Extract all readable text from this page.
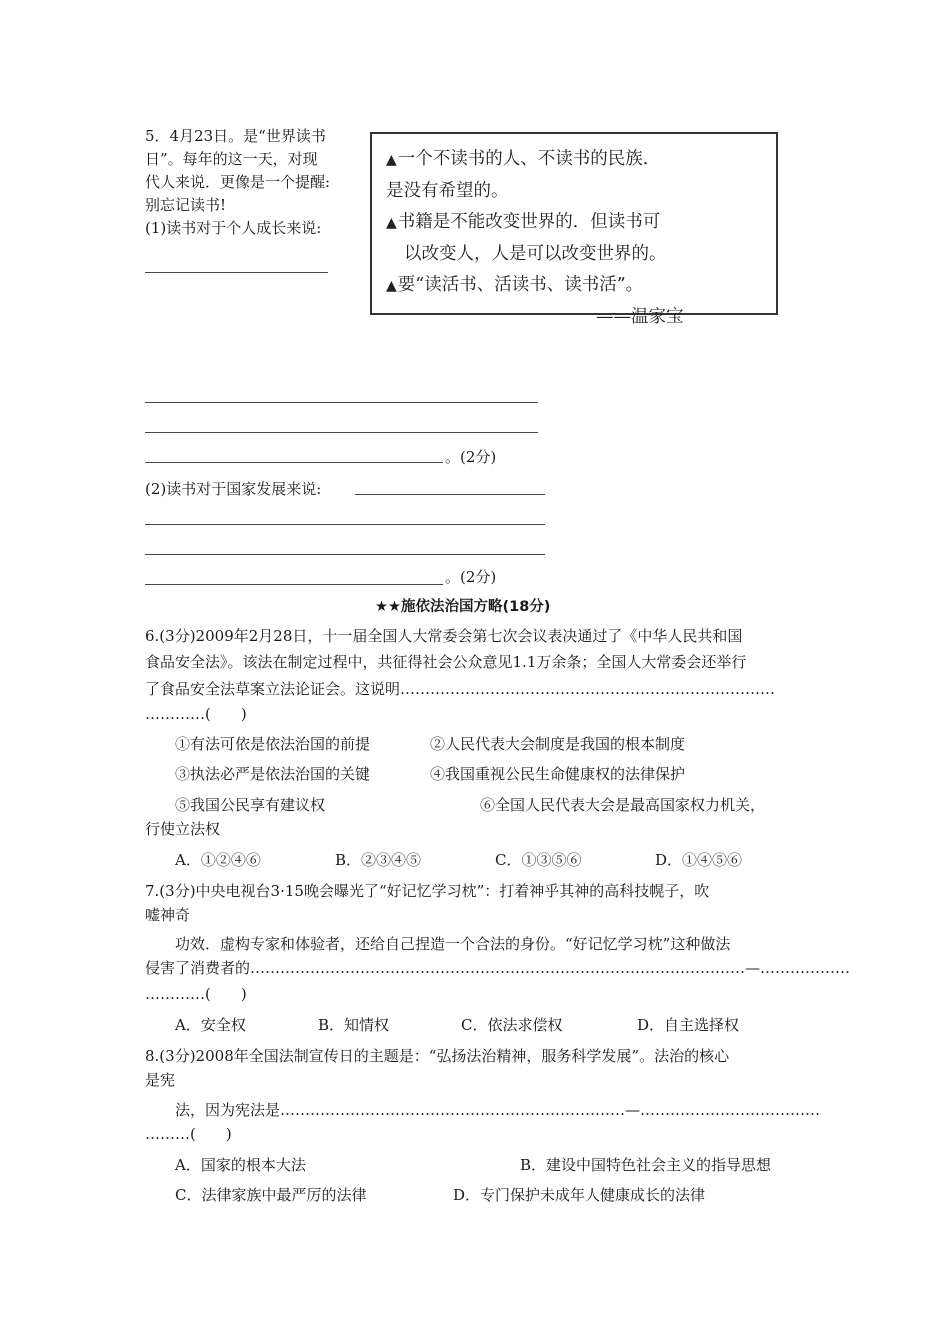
5．4月23日。是“世界读书
日”。每年的这一天，对现
代人来说．更像是一个提醒:
别忘记读书!
(1)读书对于个人成长来说:
▲一个不读书的人、不读书的民族．
是没有希望的。
▲书籍是不能改变世界的．但读书可
以改变人，人是可以改变世界的。
▲要“读活书、活读书、读书活”。
——温家宝
。(2分)
(2)读书对于国家发展来说:
。(2分)
★★施依法治国方略(18分)
6.(3分)2009年2月28日，十一届全国人大常委会第七次会议表决通过了《中华人民共和国
食品安全法》。该法在制定过程中，共征得社会公众意见1.1万余条；全国人大常委会还举行
了食品安全法草案立法论证会。这说明…………………………………………………………………
…………(　　)
①有法可依是依法治国的前提	②人民代表大会制度是我国的根本制度
③执法必严是依法治国的关键	④我国重视公民生命健康权的法律保护
⑤我国公民享有建议权	⑥全国人民代表大会是最高国家权力机关，
行使立法权
A．①②④⑥	B．②③④⑤	C．①③⑤⑥	D．①④⑤⑥
7.(3分)中央电视台3·15晚会曝光了“好记忆学习枕”：打着神乎其神的高科技幌子，吹
嘘神奇
功效．虚构专家和体验者，还给自己捏造一个合法的身份。“好记忆学习枕”这种做法
侵害了消费者的………………………………………………………………………………………—………………
…………(　　)
A．安全权	B．知情权	C．依法求偿权	D．自主选择权
8.(3分)2008年全国法制宣传日的主题是：“弘扬法治精神，服务科学发展”。法治的核心
是宪
法，因为宪法是……………………………………………………………—………………………………
………(　　)
A．国家的根本大法	B．建设中国特色社会主义的指导思想
C．法律家族中最严厉的法律	D．专门保护未成年人健康成长的法律
